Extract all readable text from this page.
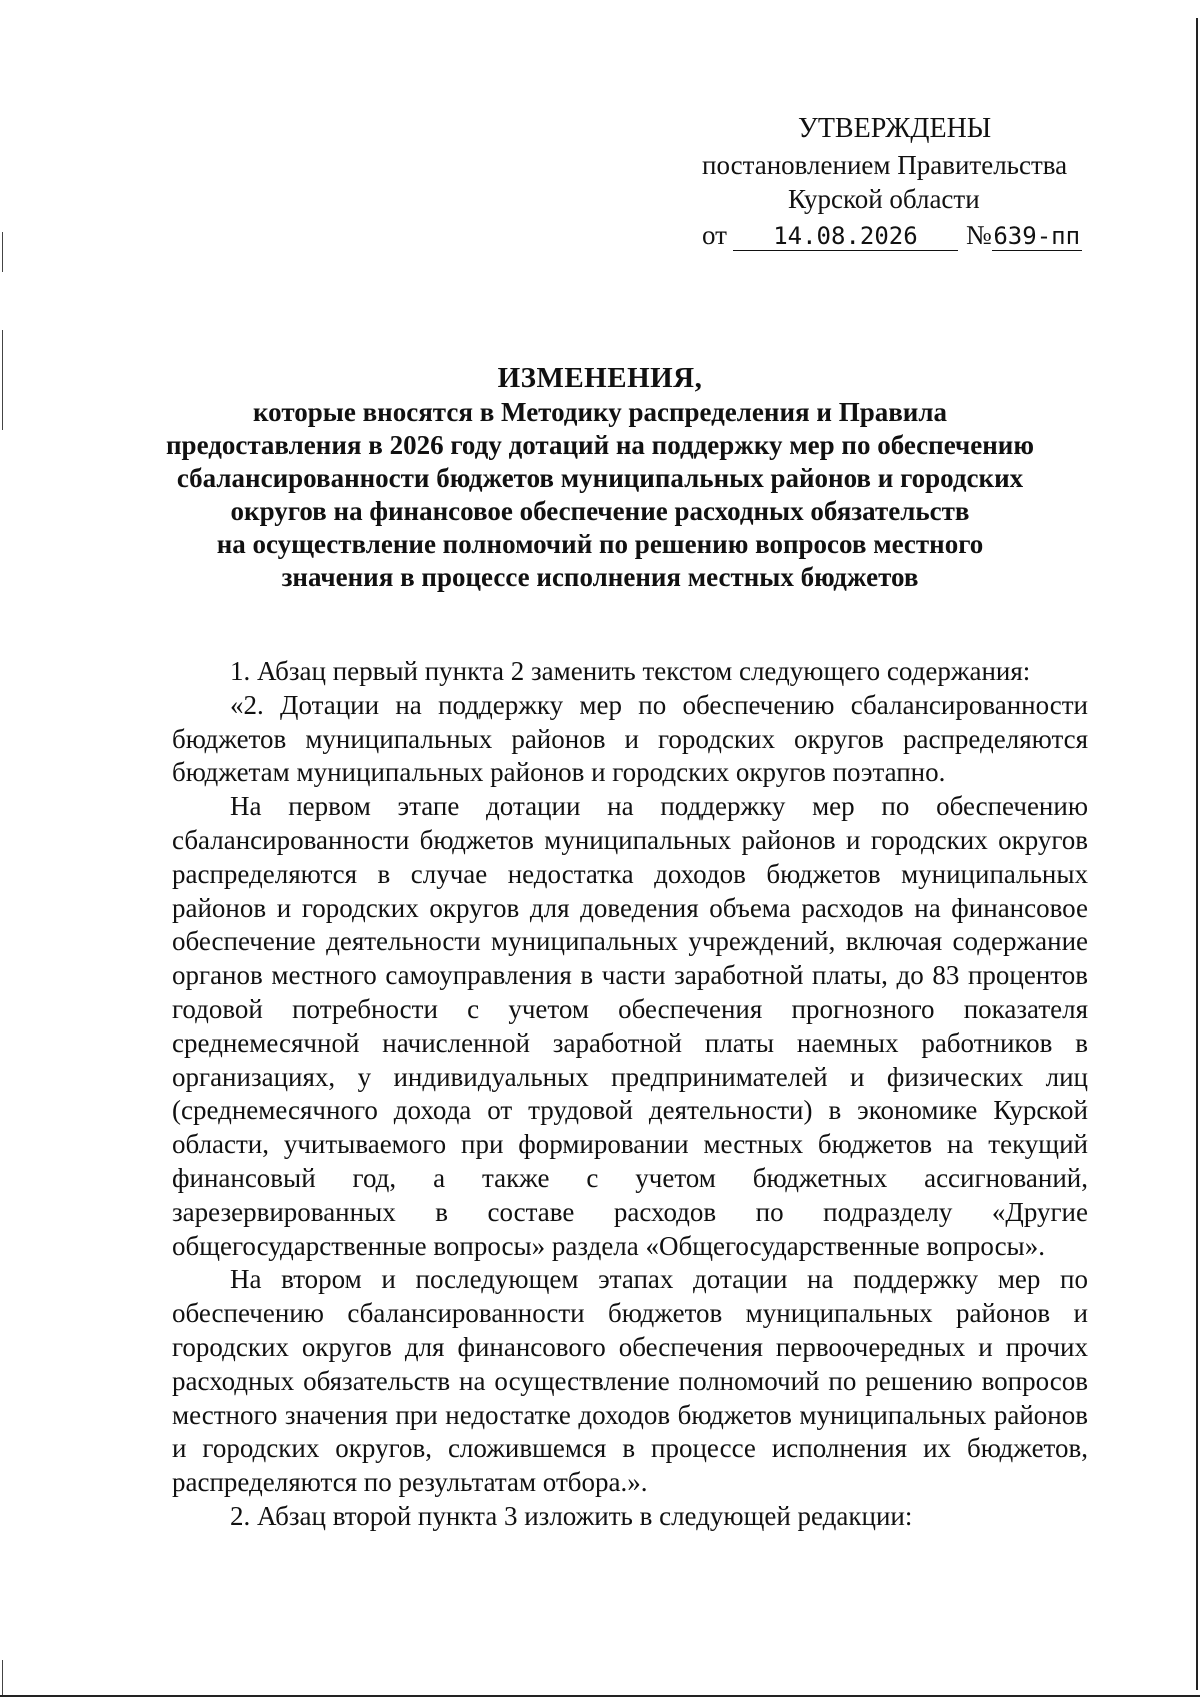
УТВЕРЖДЕНЫ
постановлением Правительства
Курской области
от 14.08.2026 №639-пп
ИЗМЕНЕНИЯ,
которые вносятся в Методику распределения и Правила
предоставления в 2026 году дотаций на поддержку мер по обеспечению
сбалансированности бюджетов муниципальных районов и городских
округов на финансовое обеспечение расходных обязательств
на осуществление полномочий по решению вопросов местного
значения в процессе исполнения местных бюджетов

1. Абзац первый пункта 2 заменить текстом следующего содержания:

«2. Дотации на поддержку мер по обеспечению сбалансированности бюджетов муниципальных районов и городских округов распределяются бюджетам муниципальных районов и городских округов поэтапно.

На первом этапе дотации на поддержку мер по обеспечению сбалансированности бюджетов муниципальных районов и городских округов распределяются в случае недостатка доходов бюджетов муниципальных районов и городских округов для доведения объема расходов на финансовое обеспечение деятельности муниципальных учреждений, включая содержание органов местного самоуправления в части заработной платы, до 83 процентов годовой потребности с учетом обеспечения прогнозного показателя среднемесячной начисленной заработной платы наемных работников в организациях, у индивидуальных предпринимателей и физических лиц (среднемесячного дохода от трудовой деятельности) в экономике Курской области, учитываемого при формировании местных бюджетов на текущий финансовый год, а также с учетом бюджетных ассигнований, зарезервированных в составе расходов по подразделу «Другие общегосударственные вопросы» раздела «Общегосударственные вопросы».

На втором и последующем этапах дотации на поддержку мер по обеспечению сбалансированности бюджетов муниципальных районов и городских округов для финансового обеспечения первоочередных и прочих расходных обязательств на осуществление полномочий по решению вопросов местного значения при недостатке доходов бюджетов муниципальных районов и городских округов, сложившемся в процессе исполнения их бюджетов, распределяются по результатам отбора.».

2. Абзац второй пункта 3 изложить в следующей редакции:
